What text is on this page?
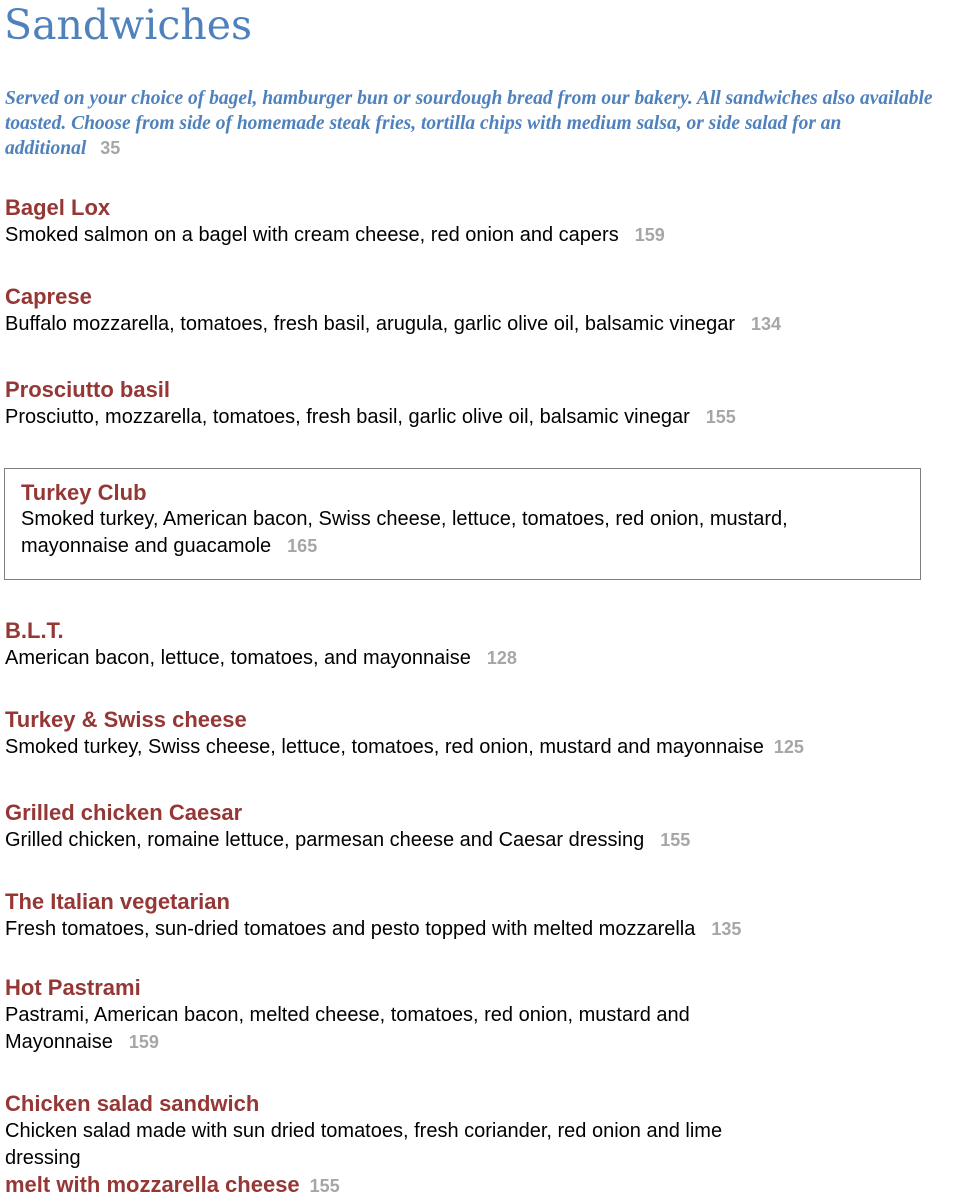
Sandwiches

Served on your choice of bagel, hamburger bun or sourdough bread from our bakery. All sandwiches also available toasted. Choose from side of homemade steak fries, tortilla chips with medium salsa, or side salad for an additional 35

Bagel Lox

Smoked salmon on a bagel with cream cheese, red onion and capers 159

Caprese

Buffalo mozzarella, tomatoes, fresh basil, arugula, garlic olive oil, balsamic vinegar 134

Prosciutto basil

Prosciutto, mozzarella, tomatoes, fresh basil, garlic olive oil, balsamic vinegar 155

Turkey Club

Smoked turkey, American bacon, Swiss cheese, lettuce, tomatoes, red onion, mustard, mayonnaise and guacamole 165

B.L.T.

American bacon, lettuce, tomatoes, and mayonnaise 128

Turkey & Swiss cheese

Smoked turkey, Swiss cheese, lettuce, tomatoes, red onion, mustard and mayonnaise 125

Grilled chicken Caesar

Grilled chicken, romaine lettuce, parmesan cheese and Caesar dressing 155

The Italian vegetarian

Fresh tomatoes, sun-dried tomatoes and pesto topped with melted mozzarella 135

Hot Pastrami

Pastrami, American bacon, melted cheese, tomatoes, red onion, mustard and Mayonnaise 159

Chicken salad sandwich

Chicken salad made with sun dried tomatoes, fresh coriander, red onion and lime dressing

melt with mozzarella cheese 155
